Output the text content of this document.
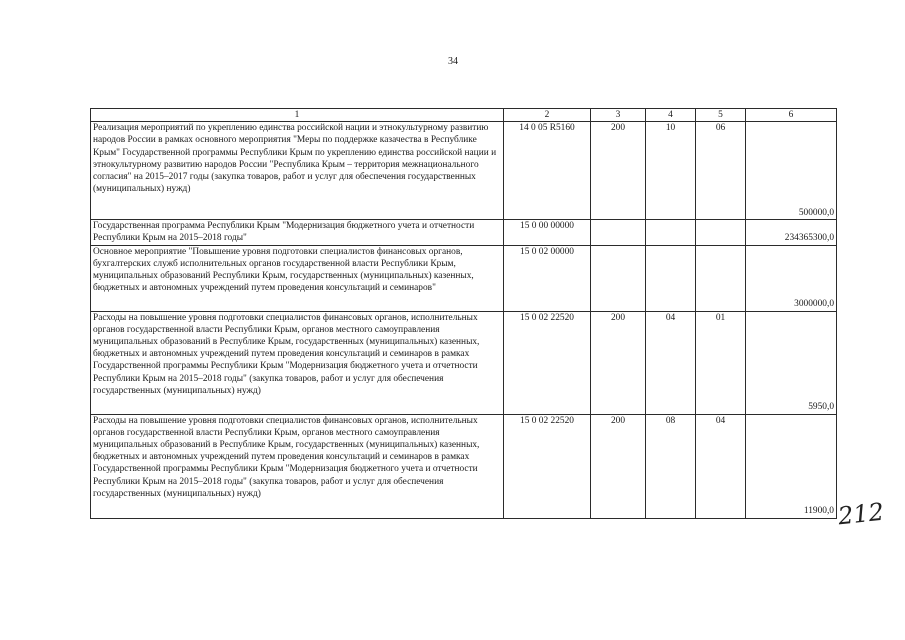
34
1	2	3	4	5	6
Реализация мероприятий по укреплению единства российской нации и этнокультурному развитию народов России в рамках основного мероприятия "Меры по поддержке казачества в Республике Крым" Государственной программы Республики Крым по укреплению единства российской нации и этнокультурному развитию народов России "Республика Крым – территория межнационального согласия" на 2015–2017 годы (закупка товаров, работ и услуг для обеспечения государственных (муниципальных) нужд)	14 0 05 R5160	200	10	06	500000,0
Государственная программа Республики Крым "Модернизация бюджетного учета и отчетности Республики Крым на 2015–2018 годы"	15 0 00 00000				234365300,0
Основное мероприятие "Повышение уровня подготовки специалистов финансовых органов, бухгалтерских служб исполнительных органов государственной власти Республики Крым, муниципальных образований Республики Крым, государственных (муниципальных) казенных, бюджетных и автономных учреждений путем проведения консультаций и семинаров"	15 0 02 00000				3000000,0
Расходы на повышение уровня подготовки специалистов финансовых органов, исполнительных органов государственной власти Республики Крым, органов местного самоуправления муниципальных образований в Республике Крым, государственных (муниципальных) казенных, бюджетных и автономных учреждений путем проведения консультаций и семинаров в рамках Государственной программы Республики Крым "Модернизация бюджетного учета и отчетности Республики Крым на 2015–2018 годы" (закупка товаров, работ и услуг для обеспечения государственных (муниципальных) нужд)	15 0 02 22520	200	04	01	5950,0
Расходы на повышение уровня подготовки специалистов финансовых органов, исполнительных органов государственной власти Республики Крым, органов местного самоуправления муниципальных образований в Республике Крым, государственных (муниципальных) казенных, бюджетных и автономных учреждений путем проведения консультаций и семинаров в рамках Государственной программы Республики Крым "Модернизация бюджетного учета и отчетности Республики Крым на 2015–2018 годы" (закупка товаров, работ и услуг для обеспечения государственных (муниципальных) нужд)	15 0 02 22520	200	08	04	11900,0 212
